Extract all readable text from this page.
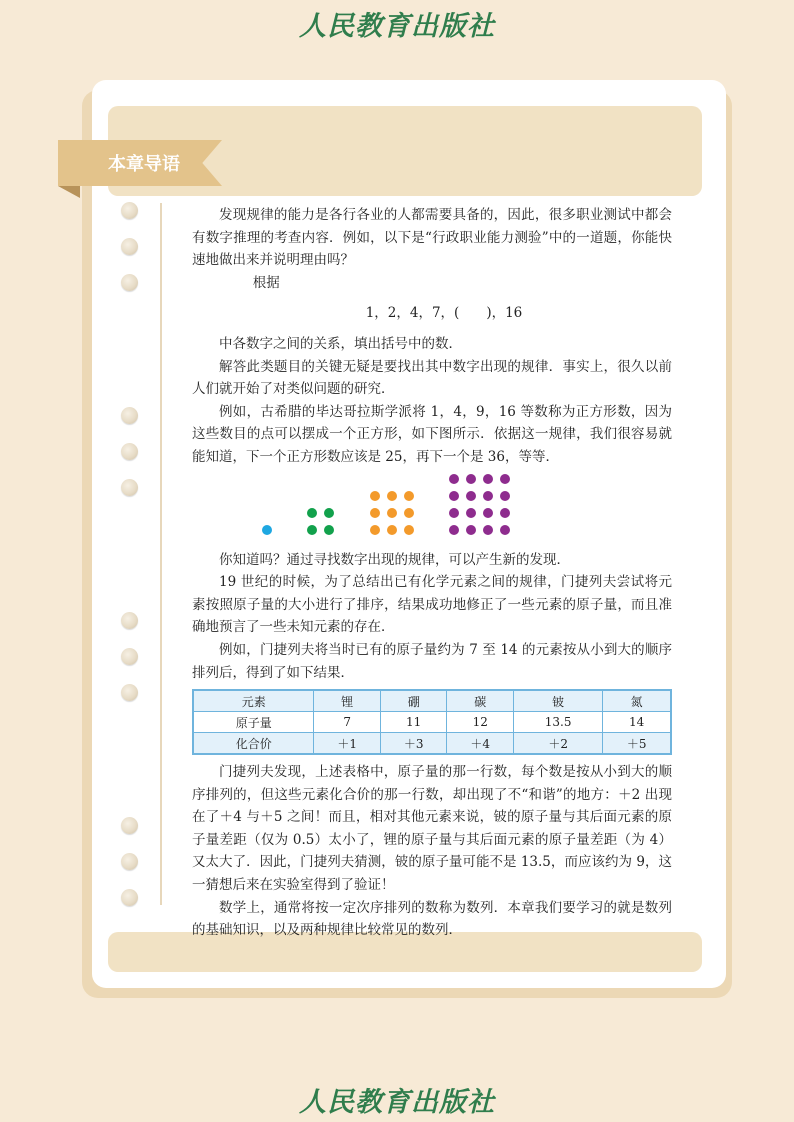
人民教育出版社
本章导语

发现规律的能力是各行各业的人都需要具备的，因此，很多职业测试中都会有数字推理的考查内容．例如，以下是“行政职业能力测验”中的一道题，你能快速地做出来并说明理由吗？

根据

1，2，4，7，(　　)，16

中各数字之间的关系，填出括号中的数．

解答此类题目的关键无疑是要找出其中数字出现的规律．事实上，很久以前人们就开始了对类似问题的研究．

例如，古希腊的毕达哥拉斯学派将 1，4，9，16 等数称为正方形数，因为这些数目的点可以摆成一个正方形，如下图所示．依据这一规律，我们很容易就能知道，下一个正方形数应该是 25，再下一个是 36，等等．

你知道吗？通过寻找数字出现的规律，可以产生新的发现．

19 世纪的时候，为了总结出已有化学元素之间的规律，门捷列夫尝试将元素按照原子量的大小进行了排序，结果成功地修正了一些元素的原子量，而且准确地预言了一些未知元素的存在．

例如，门捷列夫将当时已有的原子量约为 7 至 14 的元素按从小到大的顺序排列后，得到了如下结果．

元素	锂	硼	碳	铍	氮
原子量	7	11	12	13.5	14
化合价	＋1	＋3	＋4	＋2	＋5

门捷列夫发现，上述表格中，原子量的那一行数，每个数是按从小到大的顺序排列的，但这些元素化合价的那一行数，却出现了不“和谐”的地方：＋2 出现在了＋4 与＋5 之间！而且，相对其他元素来说，铍的原子量与其后面元素的原子量差距（仅为 0.5）太小了，锂的原子量与其后面元素的原子量差距（为 4）又太大了．因此，门捷列夫猜测，铍的原子量可能不是 13.5，而应该约为 9，这一猜想后来在实验室得到了验证！

数学上，通常将按一定次序排列的数称为数列．本章我们要学习的就是数列的基础知识，以及两种规律比较常见的数列．

人民教育出版社
